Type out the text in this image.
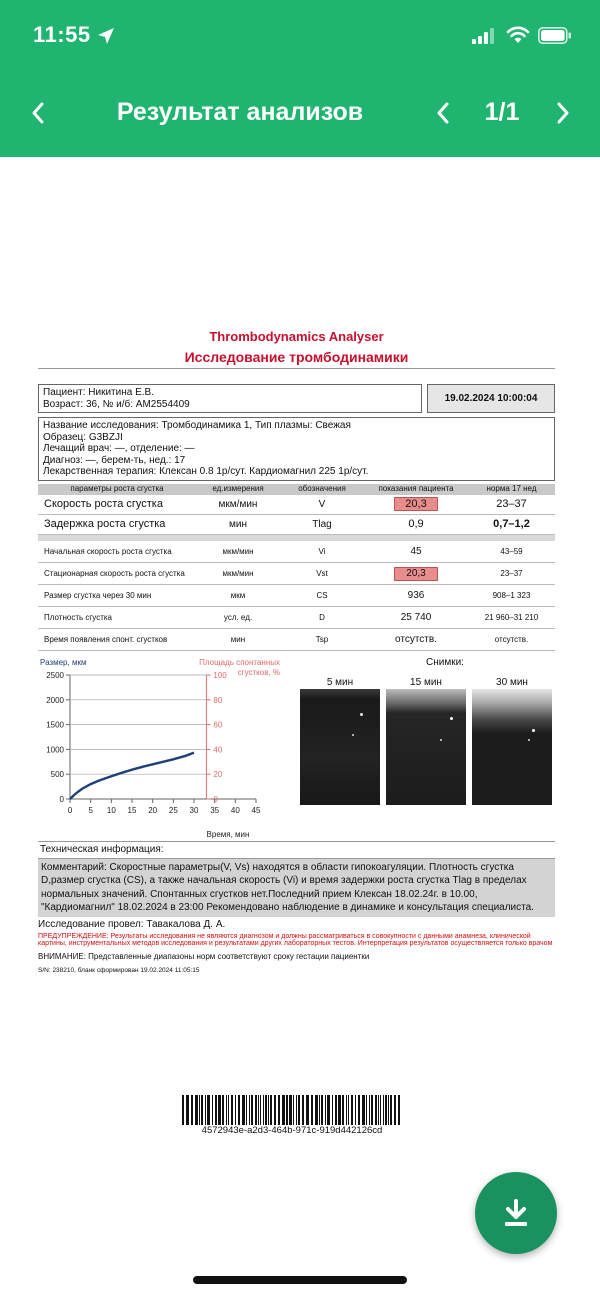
11:55
Результат анализов	1/1
Thrombodynamics Analyser
Исследование тромбодинамики
Пациент: Никитина Е.В.
Возраст: 36, № и/б: AM2554409
19.02.2024 10:00:04
Название исследования: Тромбодинамика 1, Тип плазмы: Свежая
Образец: G3BZJI
Лечащий врач: —, отделение: —
Диагноз: —, берем-ть, нед.: 17
Лекарственная терапия: Клексан 0.8 1р/сут. Кардиомагнил 225 1р/сут.
параметры роста сгустка	ед.измерения	обозначения	показания пациента	норма 17 нед
Скорость роста сгустка	мкм/мин	V	20,3	23–37
Задержка роста сгустка	мин	Tlag	0,9	0,7–1,2

Начальная скорость роста сгустка	мкм/мин	Vi	45	43–59
Стационарная скорость роста сгустка	мкм/мин	Vst	20,3	23–37
Размер сгустка через 30 мин	мкм	CS	936	908–1 323
Плотность сгустка	усл. ед.	D	25 740	21 960–31 210
Время появления спонт. сгустков	мин	Tsp	отсутств.	отсутств.
Размер, мкм	Площадь спонтанных сгустков, %
0
500
1000
1500
2000
2500
0
20
40
60
80
100
0 5 10 15 20 25 30 35 40 45
Время, мин
Снимки:
5 мин	15 мин	30 мин
Техническая информация:
Комментарий: Скоростные параметры(V, Vs) находятся в области гипокоагуляции. Плотность сгустка D,размер сгустка (CS), а также начальная скорость (Vi) и время задержки роста сгустка Tlag в пределах нормальных значений. Спонтанных сгустков нет.Последний прием Клексан 18.02.24г. в 10.00, "Кардиомагнил" 18.02.2024 в 23:00 Рекомендовано наблюдение в динамике и консультация специалиста.
Исследование провел: Тавакалова Д. А.
ПРЕДУПРЕЖДЕНИЕ: Результаты исследования не являются диагнозом и должны рассматриваться в совокупности с данными анамнеза, клинической картины, инструментальных методов исследования и результатами других лабораторных тестов. Интерпретация результатов осуществляется только врачом
ВНИМАНИЕ: Представленные диапазоны норм соответствуют сроку гестации пациентки
S/N: 238210, бланк сформирован 19.02.2024 11:05:15
4572943e-a2d3-464b-971c-919d442126cd
